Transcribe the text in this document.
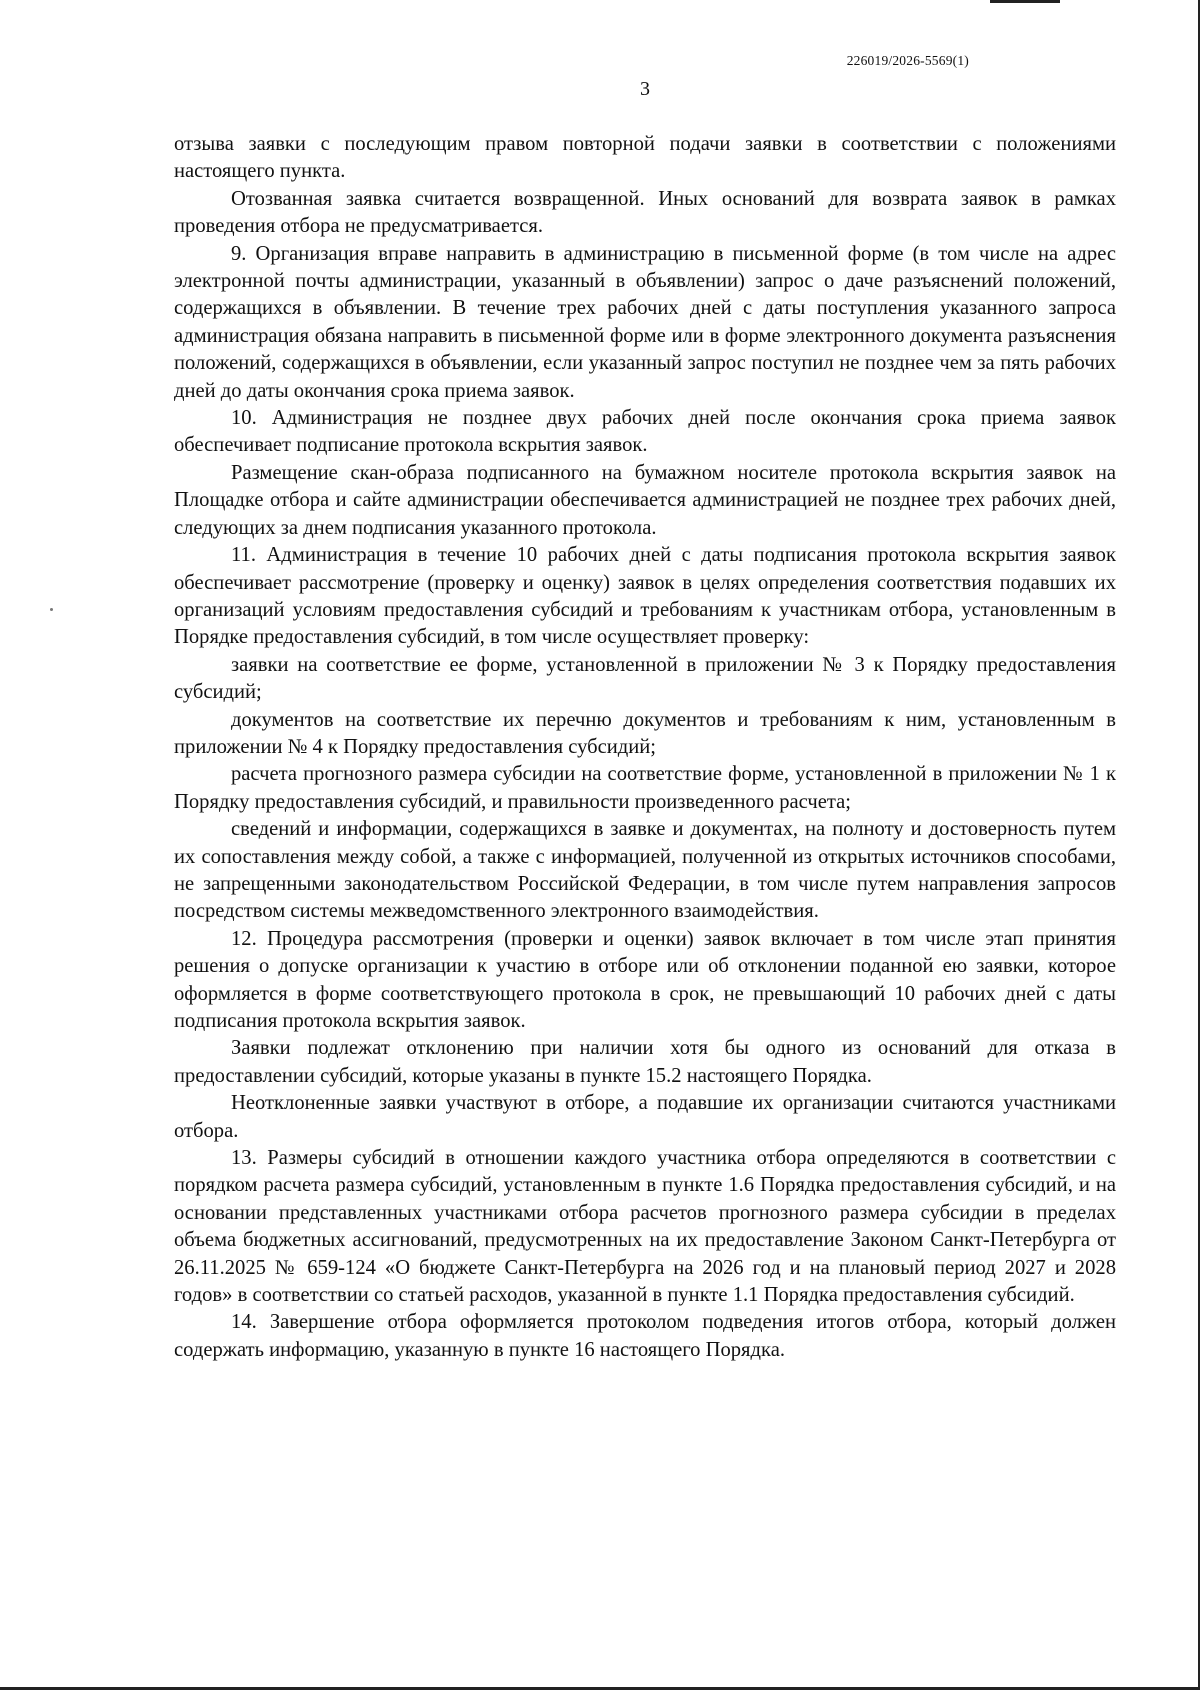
226019/2026-5569(1)
3

отзыва заявки с последующим правом повторной подачи заявки в соответствии с положениями настоящего пункта.

Отозванная заявка считается возвращенной. Иных оснований для возврата заявок в рамках проведения отбора не предусматривается.

9. Организация вправе направить в администрацию в письменной форме (в том числе на адрес электронной почты администрации, указанный в объявлении) запрос о даче разъяснений положений, содержащихся в объявлении. В течение трех рабочих дней с даты поступления указанного запроса администрация обязана направить в письменной форме или в форме электронного документа разъяснения положений, содержащихся в объявлении, если указанный запрос поступил не позднее чем за пять рабочих дней до даты окончания срока приема заявок.

10. Администрация не позднее двух рабочих дней после окончания срока приема заявок обеспечивает подписание протокола вскрытия заявок.

Размещение скан-образа подписанного на бумажном носителе протокола вскрытия заявок на Площадке отбора и сайте администрации обеспечивается администрацией не позднее трех рабочих дней, следующих за днем подписания указанного протокола.

11. Администрация в течение 10 рабочих дней с даты подписания протокола вскрытия заявок обеспечивает рассмотрение (проверку и оценку) заявок в целях определения соответствия подавших их организаций условиям предоставления субсидий и требованиям к участникам отбора, установленным в Порядке предоставления субсидий, в том числе осуществляет проверку:

заявки на соответствие ее форме, установленной в приложении № 3 к Порядку предоставления субсидий;

документов на соответствие их перечню документов и требованиям к ним, установленным в приложении № 4 к Порядку предоставления субсидий;

расчета прогнозного размера субсидии на соответствие форме, установленной в приложении № 1 к Порядку предоставления субсидий, и правильности произведенного расчета;

сведений и информации, содержащихся в заявке и документах, на полноту и достоверность путем их сопоставления между собой, а также с информацией, полученной из открытых источников способами, не запрещенными законодательством Российской Федерации, в том числе путем направления запросов посредством системы межведомственного электронного взаимодействия.

12. Процедура рассмотрения (проверки и оценки) заявок включает в том числе этап принятия решения о допуске организации к участию в отборе или об отклонении поданной ею заявки, которое оформляется в форме соответствующего протокола в срок, не превышающий 10 рабочих дней с даты подписания протокола вскрытия заявок.

Заявки подлежат отклонению при наличии хотя бы одного из оснований для отказа в предоставлении субсидий, которые указаны в пункте 15.2 настоящего Порядка.

Неотклоненные заявки участвуют в отборе, а подавшие их организации считаются участниками отбора.

13. Размеры субсидий в отношении каждого участника отбора определяются в соответствии с порядком расчета размера субсидий, установленным в пункте 1.6 Порядка предоставления субсидий, и на основании представленных участниками отбора расчетов прогнозного размера субсидии в пределах объема бюджетных ассигнований, предусмотренных на их предоставление Законом Санкт-Петербурга от 26.11.2025 № 659-124 «О бюджете Санкт-Петербурга на 2026 год и на плановый период 2027 и 2028 годов» в соответствии со статьей расходов, указанной в пункте 1.1 Порядка предоставления субсидий.

14. Завершение отбора оформляется протоколом подведения итогов отбора, который должен содержать информацию, указанную в пункте 16 настоящего Порядка.
